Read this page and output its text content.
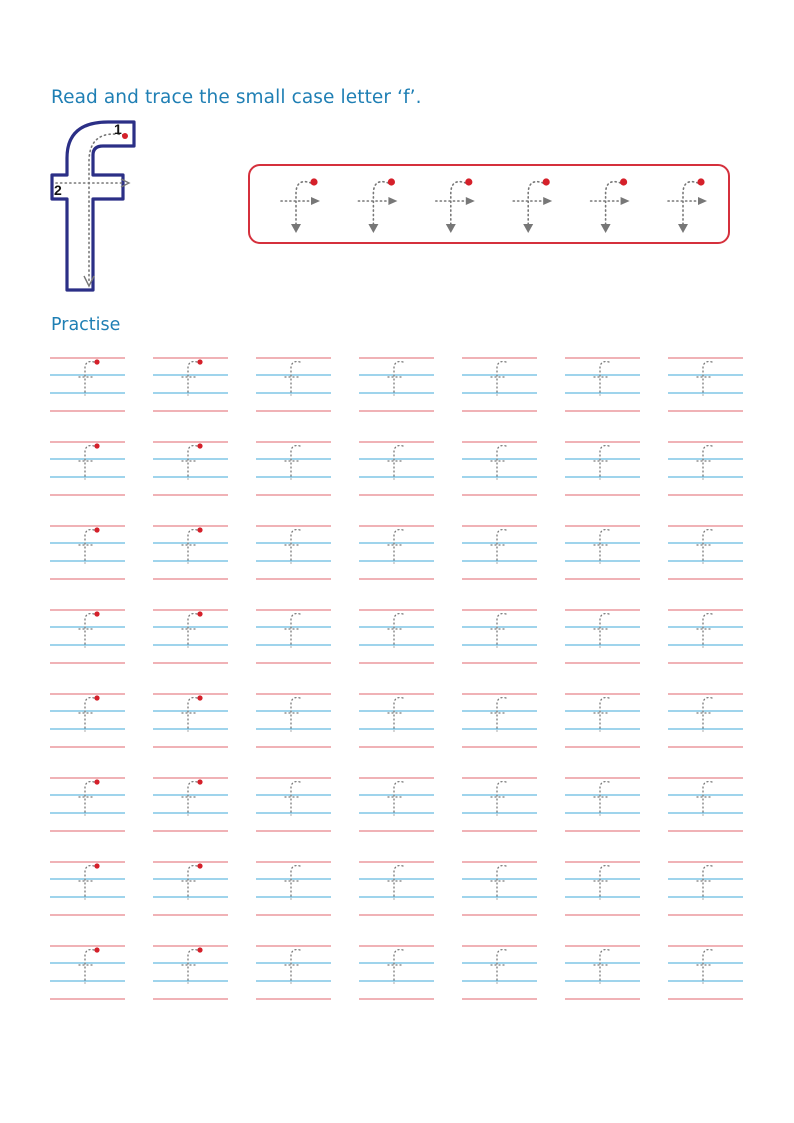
Read and trace the small case letter ‘f’.
1
2
Practise
